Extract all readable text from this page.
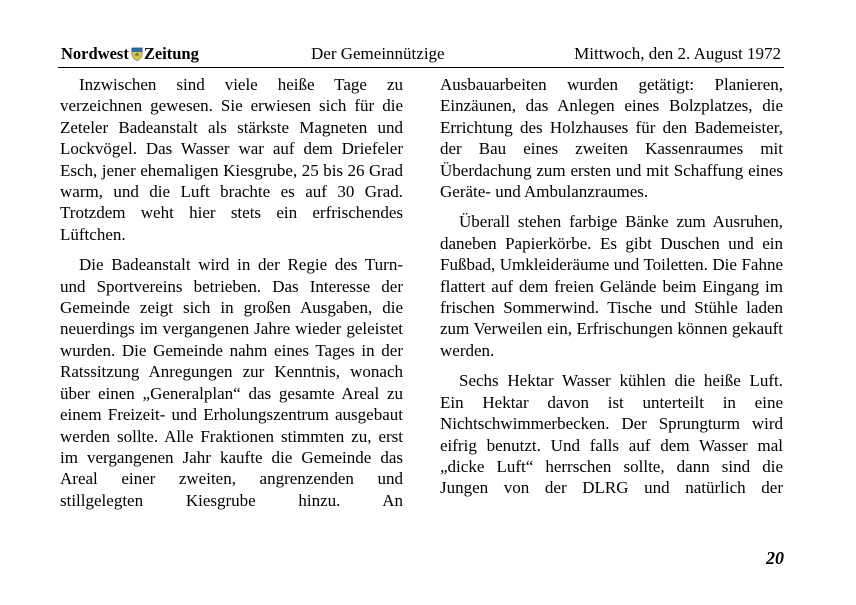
Nordwest Zeitung	Der Gemeinnützige	Mittwoch, den 2. August 1972

Inzwischen sind viele heiße Tage zu verzeichnen gewesen. Sie erwiesen sich für die Zeteler Badeanstalt als stärkste Magneten und Lockvögel. Das Wasser war auf dem Driefeler Esch, jener ehemaligen Kiesgrube, 25 bis 26 Grad warm, und die Luft brachte es auf 30 Grad. Trotzdem weht hier stets ein erfrischendes Lüftchen.

Die Badeanstalt wird in der Regie des Turn- und Sportvereins betrieben. Das Interesse der Gemeinde zeigt sich in großen Ausgaben, die neuerdings im vergangenen Jahre wieder geleistet wurden. Die Gemeinde nahm eines Tages in der Ratssitzung Anregungen zur Kenntnis, wonach über einen „Generalplan“ das gesamte Areal zu einem Freizeit- und Erholungszentrum ausgebaut werden sollte. Alle Fraktionen stimmten zu, erst im vergangenen Jahr kaufte die Gemeinde das Areal einer zweiten, angrenzenden und stillgelegten Kiesgrube hinzu. An

Ausbauarbeiten wurden getätigt: Planieren, Einzäunen, das Anlegen eines Bolzplatzes, die Errichtung des Holzhauses für den Bademeister, der Bau eines zweiten Kassenraumes mit Überdachung zum ersten und mit Schaffung eines Geräte- und Ambulanzraumes.

Überall stehen farbige Bänke zum Ausruhen, daneben Papierkörbe. Es gibt Duschen und ein Fußbad, Umkleideräume und Toiletten. Die Fahne flattert auf dem freien Gelände beim Eingang im frischen Sommerwind. Tische und Stühle laden zum Verweilen ein, Erfrischungen können gekauft werden.

Sechs Hektar Wasser kühlen die heiße Luft. Ein Hektar davon ist unterteilt in eine Nichtschwimmerbecken. Der Sprungturm wird eifrig benutzt. Und falls auf dem Wasser mal „dicke Luft“ herrschen sollte, dann sind die Jungen von der DLRG und natürlich der

20
